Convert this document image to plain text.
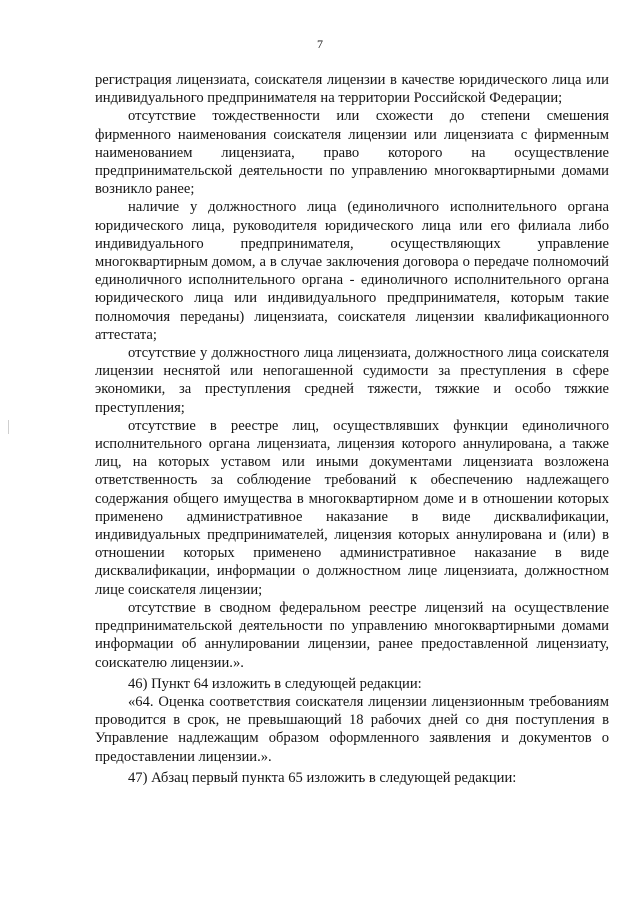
7

регистрация лицензиата, соискателя лицензии в качестве юридического лица или индивидуального предпринимателя на территории Российской Федерации;

отсутствие тождественности или схожести до степени смешения фирменного наименования соискателя лицензии или лицензиата с фирменным наименованием лицензиата, право которого на осуществление предпринимательской деятельности по управлению многоквартирными домами возникло ранее;

наличие у должностного лица (единоличного исполнительного органа юридического лица, руководителя юридического лица или его филиала либо индивидуального предпринимателя, осуществляющих управление многоквартирным домом, а в случае заключения договора о передаче полномочий единоличного исполнительного органа - единоличного исполнительного органа юридического лица или индивидуального предпринимателя, которым такие полномочия переданы) лицензиата, соискателя лицензии квалификационного аттестата;

отсутствие у должностного лица лицензиата, должностного лица соискателя лицензии неснятой или непогашенной судимости за преступления в сфере экономики, за преступления средней тяжести, тяжкие и особо тяжкие преступления;

отсутствие в реестре лиц, осуществлявших функции единоличного исполнительного органа лицензиата, лицензия которого аннулирована, а также лиц, на которых уставом или иными документами лицензиата возложена ответственность за соблюдение требований к обеспечению надлежащего содержания общего имущества в многоквартирном доме и в отношении которых применено административное наказание в виде дисквалификации, индивидуальных предпринимателей, лицензия которых аннулирована и (или) в отношении которых применено административное наказание в виде дисквалификации, информации о должностном лице лицензиата, должностном лице соискателя лицензии;

отсутствие в сводном федеральном реестре лицензий на осуществление предпринимательской деятельности по управлению многоквартирными домами информации об аннулировании лицензии, ранее предоставленной лицензиату, соискателю лицензии.».

46) Пункт 64 изложить в следующей редакции:

«64. Оценка соответствия соискателя лицензии лицензионным требованиям проводится в срок, не превышающий 18 рабочих дней со дня поступления в Управление надлежащим образом оформленного заявления и документов о предоставлении лицензии.».

47) Абзац первый пункта 65 изложить в следующей редакции:
